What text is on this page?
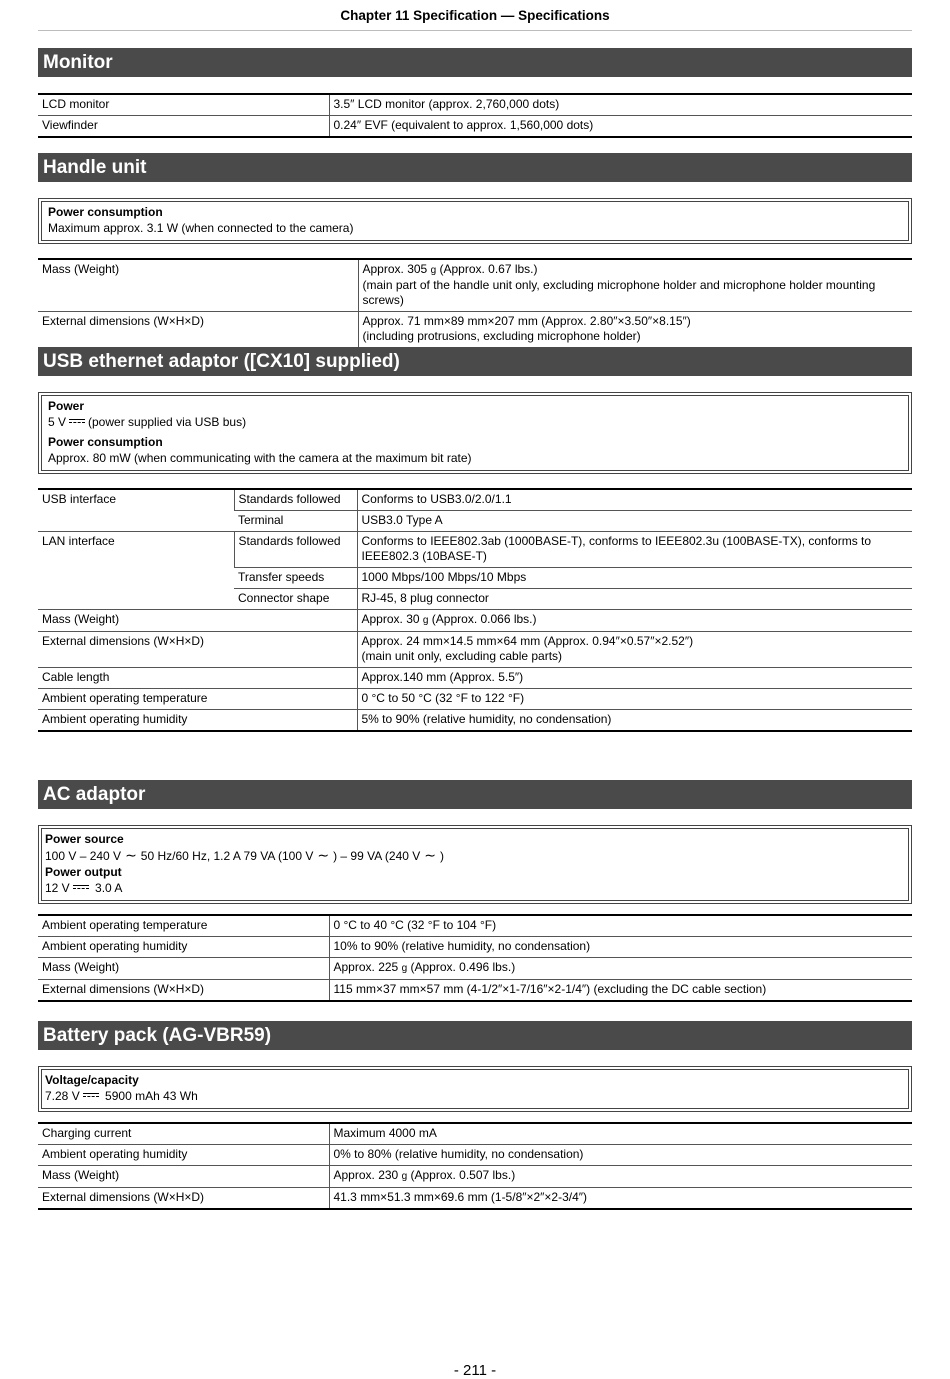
Chapter 11 Specification — Specifications
Monitor
LCD monitor	3.5″ LCD monitor (approx. 2,760,000 dots)
Viewfinder	0.24″ EVF (equivalent to approx. 1,560,000 dots)
Handle unit
Power consumption
Maximum approx. 3.1 W (when connected to the camera)
Mass (Weight)	Approx. 305 g (Approx. 0.67 lbs.)
(main part of the handle unit only, excluding microphone holder and microphone holder mounting screws)
External dimensions (W×H×D)	Approx. 71 mm×89 mm×207 mm (Approx. 2.80″×3.50″×8.15″)
(including protrusions, excluding microphone holder)
USB ethernet adaptor ([CX10] supplied)
Power
5 V (power supplied via USB bus)
Power consumption
Approx. 80 mW (when communicating with the camera at the maximum bit rate)
USB interface	Standards followed	Conforms to USB3.0/2.0/1.1
	Terminal	USB3.0 Type A
LAN interface	Standards followed	Conforms to IEEE802.3ab (1000BASE-T), conforms to IEEE802.3u (100BASE-TX), conforms to IEEE802.3 (10BASE-T)
	Transfer speeds	1000 Mbps/100 Mbps/10 Mbps
	Connector shape	RJ-45, 8 plug connector
Mass (Weight)		Approx. 30 g (Approx. 0.066 lbs.)
External dimensions (W×H×D)		Approx. 24 mm×14.5 mm×64 mm (Approx. 0.94″×0.57″×2.52″)
(main unit only, excluding cable parts)
Cable length		Approx.140 mm (Approx. 5.5″)
Ambient operating temperature		0 °C to 50 °C (32 °F to 122 °F)
Ambient operating humidity		5% to 90% (relative humidity, no condensation)
AC adaptor
Power source
100 V – 240 V ∼ 50 Hz/60 Hz, 1.2 A 79 VA (100 V ∼ ) – 99 VA (240 V ∼ )
Power output
12 V 3.0 A
Ambient operating temperature	0 °C to 40 °C (32 °F to 104 °F)
Ambient operating humidity	10% to 90% (relative humidity, no condensation)
Mass (Weight)	Approx. 225 g (Approx. 0.496 lbs.)
External dimensions (W×H×D)	115 mm×37 mm×57 mm (4-1/2″×1-7/16″×2-1/4″) (excluding the DC cable section)
Battery pack (AG-VBR59)
Voltage/capacity
7.28 V 5900 mAh 43 Wh
Charging current	Maximum 4000 mA
Ambient operating humidity	0% to 80% (relative humidity, no condensation)
Mass (Weight)	Approx. 230 g (Approx. 0.507 lbs.)
External dimensions (W×H×D)	41.3 mm×51.3 mm×69.6 mm (1-5/8″×2″×2-3/4″)
- 211 -
